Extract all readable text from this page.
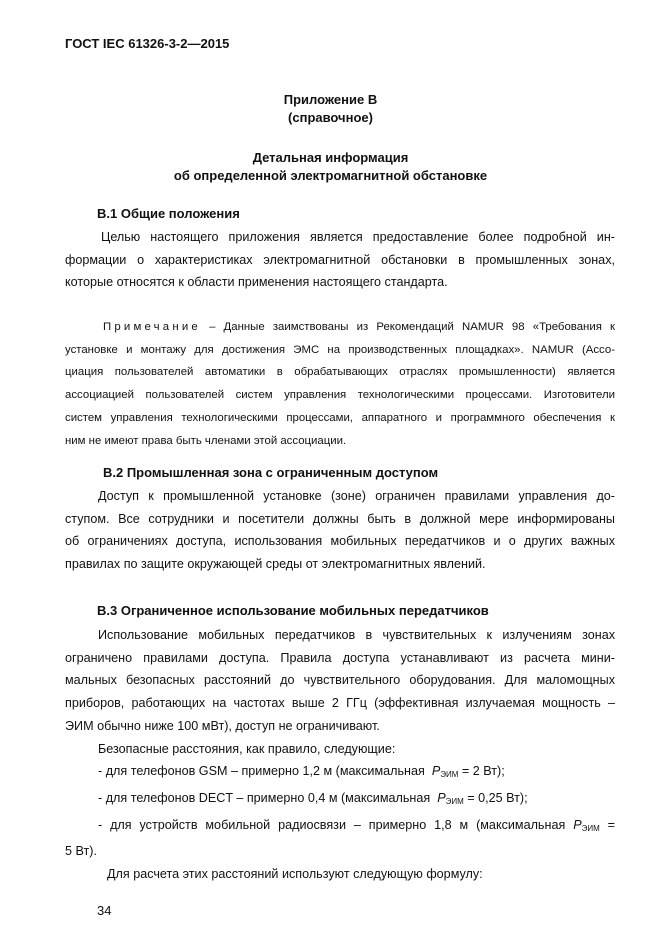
ГОСТ IEC 61326-3-2—2015
Приложение В
(справочное)
Детальная информация
об определенной электромагнитной обстановке
В.1 Общие положения
Целью настоящего приложения является предоставление более подробной ин-
формации о характеристиках электромагнитной обстановки в промышленных зонах,
которые относятся к области применения настоящего стандарта.
Примечание – Данные заимствованы из Рекомендаций NAMUR 98 «Требования к
установке и монтажу для достижения ЭМС на производственных площадках». NAMUR (Ассо-
циация пользователей автоматики в обрабатывающих отраслях промышленности) является
ассоциацией пользователей систем управления технологическими процессами. Изготовители
систем управления технологическими процессами, аппаратного и программного обеспечения к
ним не имеют права быть членами этой ассоциации.
В.2 Промышленная зона с ограниченным доступом
Доступ к промышленной установке (зоне) ограничен правилами управления до-
ступом. Все сотрудники и посетители должны быть в должной мере информированы
об ограничениях доступа, использования мобильных передатчиков и о других важных
правилах по защите окружающей среды от электромагнитных явлений.
В.3 Ограниченное использование мобильных передатчиков
Использование мобильных передатчиков в чувствительных к излучениям зонах
ограничено правилами доступа. Правила доступа устанавливают из расчета мини-
мальных безопасных расстояний до чувствительного оборудования. Для маломощных
приборов, работающих на частотах выше 2 ГГц (эффективная излучаемая мощность –
ЭИМ обычно ниже 100 мВт), доступ не ограничивают.
Безопасные расстояния, как правило, следующие:
- для телефонов GSM – примерно 1,2 м (максимальная $P_{ЭИМ} = 2$ Вт);
- для телефонов DECT – примерно 0,4 м (максимальная $P_{ЭИМ} = 0,25$ Вт);
- для устройств мобильной радиосвязи – примерно 1,8 м (максимальная $P_{ЭИМ}$ =
5 Вт).
Для расчета этих расстояний используют следующую формулу:
34
